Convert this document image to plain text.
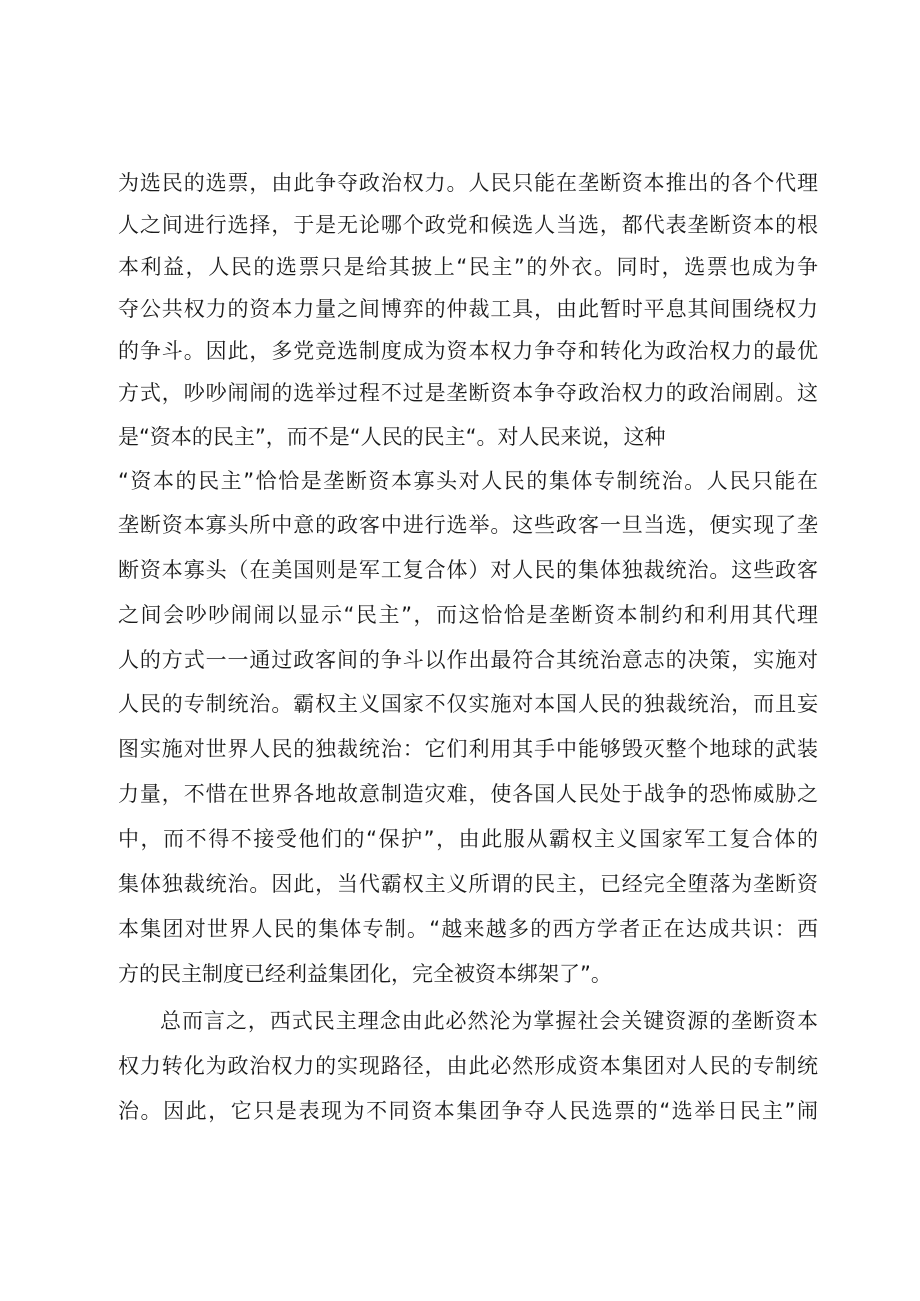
为选民的选票，由此争夺政治权力。人民只能在垄断资本推出的各个代理
人之间进行选择，于是无论哪个政党和候选人当选，都代表垄断资本的根
本利益，人民的选票只是给其披上“民主”的外衣。同时，选票也成为争
夺公共权力的资本力量之间博弈的仲裁工具，由此暂时平息其间围绕权力
的争斗。因此，多党竞选制度成为资本权力争夺和转化为政治权力的最优
方式，吵吵闹闹的选举过程不过是垄断资本争夺政治权力的政治闹剧。这
是“资本的民主”，而不是“人民的民主“。对人民来说，这种
“资本的民主”恰恰是垄断资本寡头对人民的集体专制统治。人民只能在
垄断资本寡头所中意的政客中进行选举。这些政客一旦当选，便实现了垄
断资本寡头（在美国则是军工复合体）对人民的集体独裁统治。这些政客
之间会吵吵闹闹以显示“民主”，而这恰恰是垄断资本制约和利用其代理
人的方式一一通过政客间的争斗以作出最符合其统治意志的决策，实施对
人民的专制统治。霸权主义国家不仅实施对本国人民的独裁统治，而且妄
图实施对世界人民的独裁统治：它们利用其手中能够毁灭整个地球的武装
力量，不惜在世界各地故意制造灾难，使各国人民处于战争的恐怖威胁之
中，而不得不接受他们的“保护”，由此服从霸权主义国家军工复合体的
集体独裁统治。因此，当代霸权主义所谓的民主，已经完全堕落为垄断资
本集团对世界人民的集体专制。“越来越多的西方学者正在达成共识：西
方的民主制度已经利益集团化，完全被资本绑架了”。
总而言之，西式民主理念由此必然沦为掌握社会关键资源的垄断资本
权力转化为政治权力的实现路径，由此必然形成资本集团对人民的专制统
治。因此，它只是表现为不同资本集团争夺人民选票的“选举日民主”闹
